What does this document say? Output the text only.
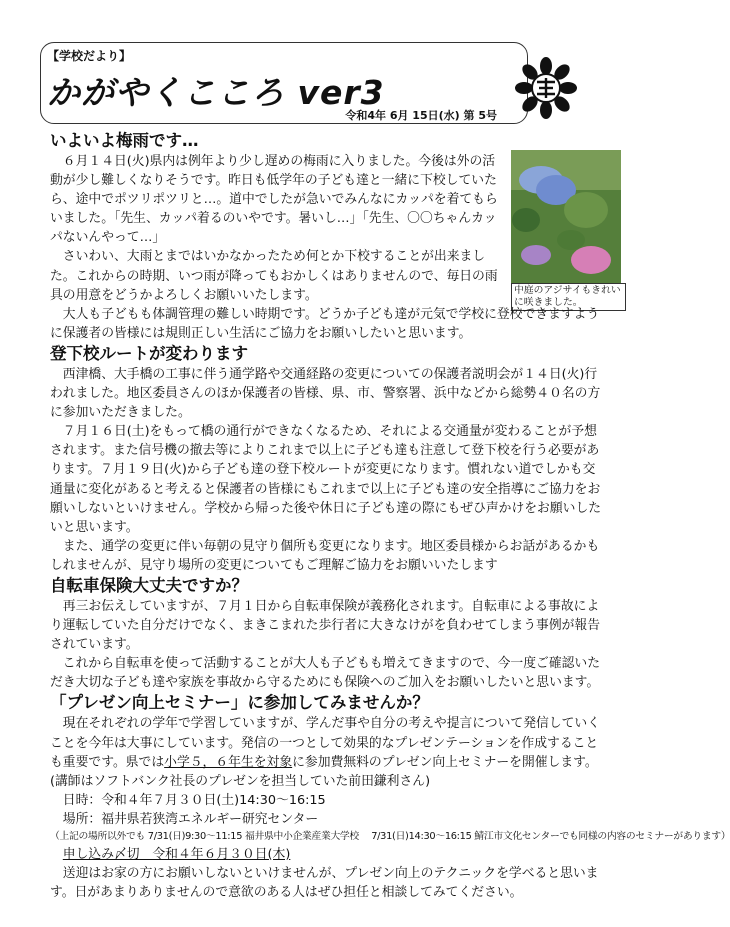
【学校だより】
かがやくこころ ver3
令和4年 6月 15日(水) 第 5号
中庭のアジサイもきれいに咲きました。
いよいよ梅雨です…

６月１４日(火)県内は例年より少し遅めの梅雨に入りました。今後は外の活動が少し難しくなりそうです。昨日も低学年の子ども達と一緒に下校していたら、途中でポツリポツリと…。道中でしたが急いでみんなにカッパを着てもらいました。「先生、カッパ着るのいやです。暑いし…」「先生、〇〇ちゃんカッパないんやって…」

さいわい、大雨とまではいかなかったため何とか下校することが出来ました。これからの時期、いつ雨が降ってもおかしくはありませんので、毎日の雨具の用意をどうかよろしくお願いいたします。

大人も子どもも体調管理の難しい時期です。どうか子ども達が元気で学校に登校できますように保護者の皆様には規則正しい生活にご協力をお願いしたいと思います。

登下校ルートが変わります

西津橋、大手橋の工事に伴う通学路や交通経路の変更についての保護者説明会が１４日(火)行われました。地区委員さんのほか保護者の皆様、県、市、警察署、浜中などから総勢４０名の方に参加いただきました。

７月１６日(土)をもって橋の通行ができなくなるため、それによる交通量が変わることが予想されます。また信号機の撤去等によりこれまで以上に子ども達も注意して登下校を行う必要があります。７月１９日(火)から子ども達の登下校ルートが変更になります。慣れない道でしかも交通量に変化があると考えると保護者の皆様にもこれまで以上に子ども達の安全指導にご協力をお願いしないといけません。学校から帰った後や休日に子ども達の際にもぜひ声かけをお願いしたいと思います。

また、通学の変更に伴い毎朝の見守り個所も変更になります。地区委員様からお話があるかもしれませんが、見守り場所の変更についてもご理解ご協力をお願いいたします

自転車保険大丈夫ですか？

再三お伝えしていますが、７月１日から自転車保険が義務化されます。自転車による事故により運転していた自分だけでなく、まきこまれた歩行者に大きなけがを負わせてしまう事例が報告されています。

これから自転車を使って活動することが大人も子どもも増えてきますので、今一度ご確認いただき大切な子ども達や家族を事故から守るためにも保険へのご加入をお願いしたいと思います。

「プレゼン向上セミナー」に参加してみませんか？

現在それぞれの学年で学習していますが、学んだ事や自分の考えや提言について発信していくことを今年は大事にしています。発信の一つとして効果的なプレゼンテーションを作成することも重要です。県では小学５，６年生を対象に参加費無料のプレゼン向上セミナーを開催します。(講師はソフトバンク社長のプレゼンを担当していた前田鎌利さん)

日時：令和４年７月３０日(土)14:30～16:15

場所：福井県若狭湾エネルギー研究センター

（上記の場所以外でも 7/31(日)9:30～11:15 福井県中小企業産業大学校　 7/31(日)14:30～16:15 鯖江市文化センターでも同様の内容のセミナーがあります）

申し込み〆切　令和４年６月３０日(木)

送迎はお家の方にお願いしないといけませんが、プレゼン向上のテクニックを学べると思います。日があまりありませんので意欲のある人はぜひ担任と相談してみてください。
